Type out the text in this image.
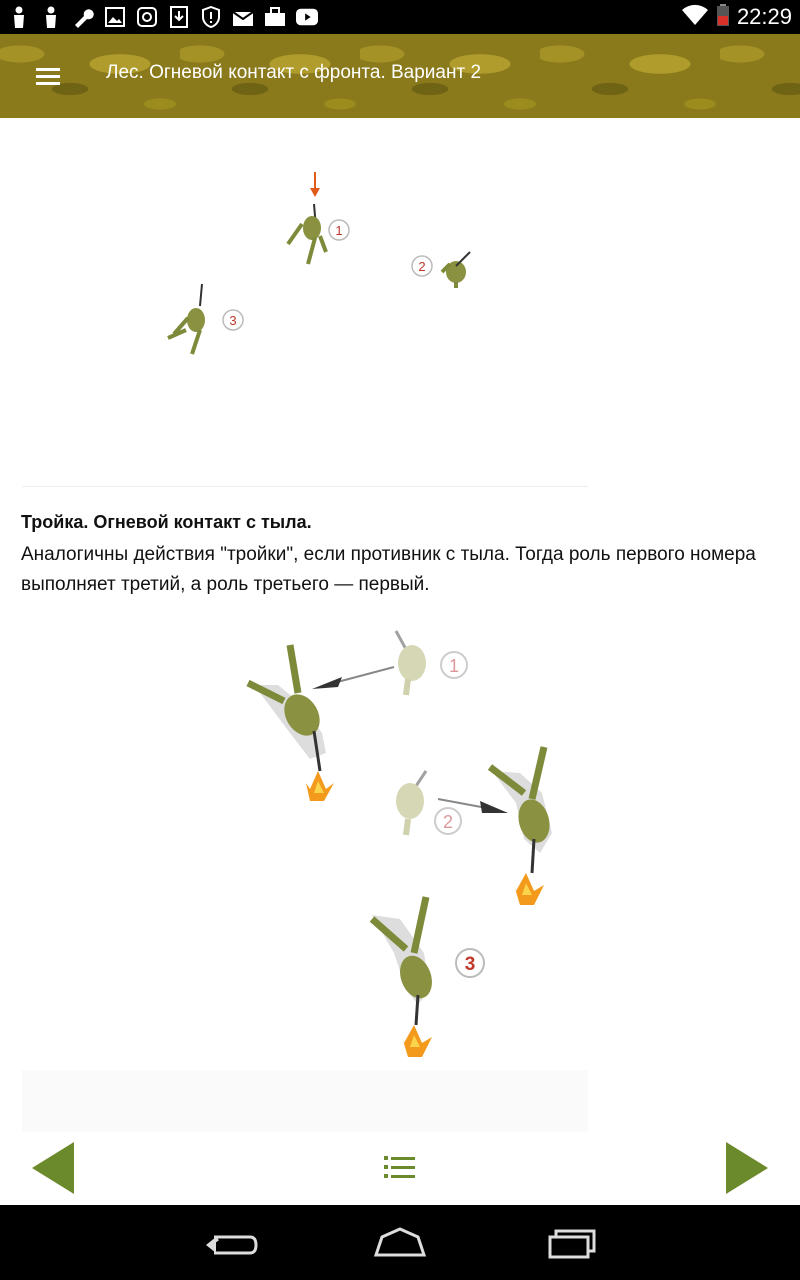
22:29
Лес. Огневой контакт с фронта. Вариант 2
1
2
3
Тройка. Огневой контакт с тыла.
Аналогичны действия "тройки", если противник с тыла. Тогда роль первого номера выполняет третий, а роль третьего — первый.
1
2
3
